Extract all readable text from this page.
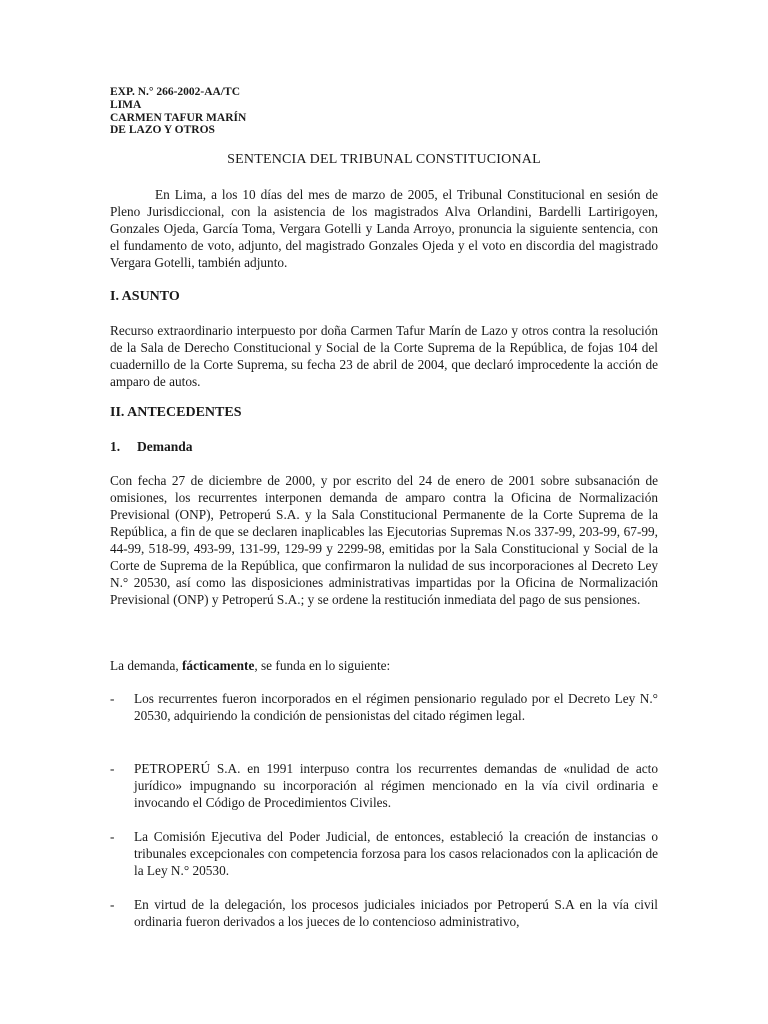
EXP. N.° 266-2002-AA/TC
LIMA
CARMEN TAFUR MARÍN
DE LAZO Y OTROS
SENTENCIA DEL TRIBUNAL CONSTITUCIONAL

En Lima, a los 10 días del mes de marzo de 2005, el Tribunal Constitucional en sesión de Pleno Jurisdiccional, con la asistencia de los magistrados Alva Orlandini, Bardelli Lartirigoyen, Gonzales Ojeda, García Toma, Vergara Gotelli y Landa Arroyo, pronuncia la siguiente sentencia, con el fundamento de voto, adjunto, del magistrado Gonzales Ojeda y el voto en discordia del magistrado Vergara Gotelli, también adjunto.

I. ASUNTO

Recurso extraordinario interpuesto por doña Carmen Tafur Marín de Lazo y otros contra la resolución de la Sala de Derecho Constitucional y Social de la Corte Suprema de la República, de fojas 104 del cuadernillo de la Corte Suprema, su fecha 23 de abril de 2004, que declaró improcedente la acción de amparo de autos.

II. ANTECEDENTES
1. Demanda

Con fecha 27 de diciembre de 2000, y por escrito del 24 de enero de 2001 sobre subsanación de omisiones, los recurrentes interponen demanda de amparo contra la Oficina de Normalización Previsional (ONP), Petroperú S.A. y la Sala Constitucional Permanente de la Corte Suprema de la República, a fin de que se declaren inaplicables las Ejecutorias Supremas N.os 337-99, 203-99, 67-99, 44-99, 518-99, 493-99, 131-99, 129-99 y 2299-98, emitidas por la Sala Constitucional y Social de la Corte de Suprema de la República, que confirmaron la nulidad de sus incorporaciones al Decreto Ley N.° 20530, así como las disposiciones administrativas impartidas por la Oficina de Normalización Previsional (ONP) y Petroperú S.A.; y se ordene la restitución inmediata del pago de sus pensiones.

La demanda, fácticamente, se funda en lo siguiente:

- Los recurrentes fueron incorporados en el régimen pensionario regulado por el Decreto Ley N.° 20530, adquiriendo la condición de pensionistas del citado régimen legal.
- PETROPERÚ S.A. en 1991 interpuso contra los recurrentes demandas de «nulidad de acto jurídico» impugnando su incorporación al régimen mencionado en la vía civil ordinaria e invocando el Código de Procedimientos Civiles.
- La Comisión Ejecutiva del Poder Judicial, de entonces, estableció la creación de instancias o tribunales excepcionales con competencia forzosa para los casos relacionados con la aplicación de la Ley N.° 20530.
- En virtud de la delegación, los procesos judiciales iniciados por Petroperú S.A en la vía civil ordinaria fueron derivados a los jueces de lo contencioso administrativo,
